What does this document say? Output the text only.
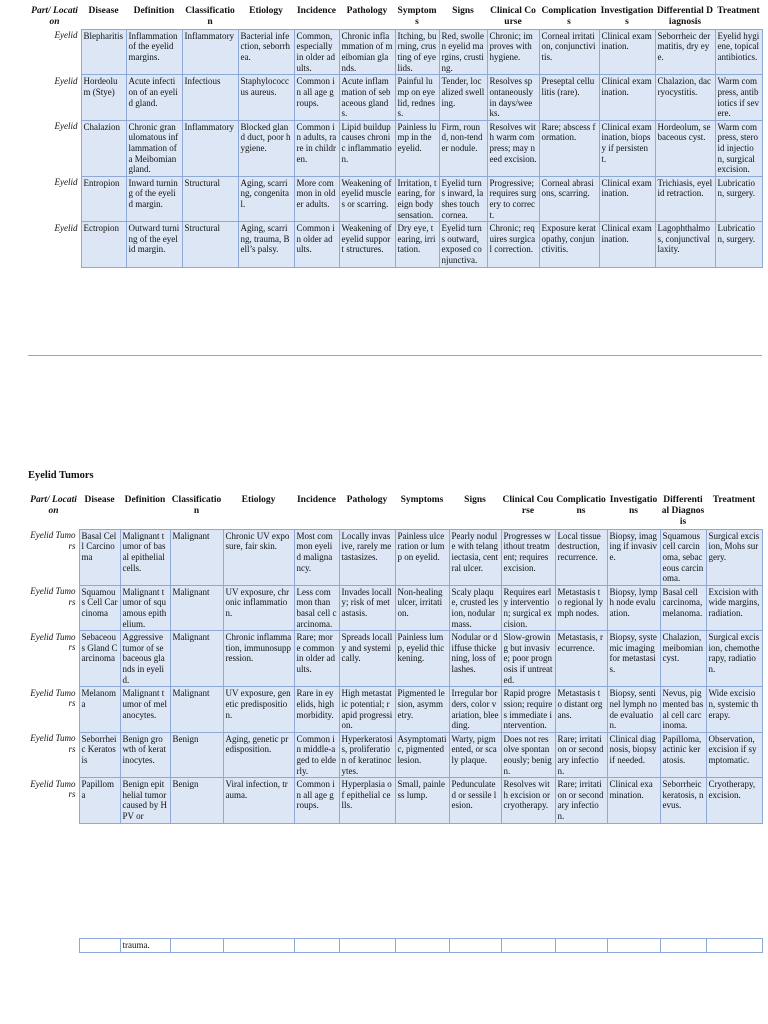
Part/ Location	Disease	Definition	Classification	Etiology	Incidence	Pathology	Symptoms	Signs	Clinical Course	Complications	Investigations	Differential Diagnosis	Treatment
Eyelid	Blepharitis	Inflammation of the eyelid margins.	Inflammatory	Bacterial infection, seborrhea.	Common, especially in older adults.	Chronic inflammation of meibomian glands.	Itching, burning, crusting of eyelids.	Red, swollen eyelid margins, crusting.	Chronic; improves with hygiene.	Corneal irritation, conjunctivitis.	Clinical examination.	Seborrheic dermatitis, dry eye.	Eyelid hygiene, topical antibiotics.
Eyelid	Hordeolum (Stye)	Acute infection of an eyelid gland.	Infectious	Staphylococcus aureus.	Common in all age groups.	Acute inflammation of sebaceous glands.	Painful lump on eyelid, redness.	Tender, localized swelling.	Resolves spontaneously in days/weeks.	Preseptal cellulitis (rare).	Clinical examination.	Chalazion, dacryocystitis.	Warm compress, antibiotics if severe.
Eyelid	Chalazion	Chronic granulomatous inflammation of a Meibomian gland.	Inflammatory	Blocked gland duct, poor hygiene.	Common in adults, rare in children.	Lipid buildup causes chronic inflammation.	Painless lump in the eyelid.	Firm, round, non-tender nodule.	Resolves with warm compress; may need excision.	Rare; abscess formation.	Clinical examination, biopsy if persistent.	Hordeolum, sebaceous cyst.	Warm compress, steroid injection, surgical excision.
Eyelid	Entropion	Inward turning of the eyelid margin.	Structural	Aging, scarring, congenital.	More common in older adults.	Weakening of eyelid muscles or scarring.	Irritation, tearing, foreign body sensation.	Eyelid turns inward, lashes touch cornea.	Progressive; requires surgery to correct.	Corneal abrasions, scarring.	Clinical examination.	Trichiasis, eyelid retraction.	Lubrication, surgery.
Eyelid	Ectropion	Outward turning of the eyelid margin.	Structural	Aging, scarring, trauma, Bell’s palsy.	Common in older adults.	Weakening of eyelid support structures.	Dry eye, tearing, irritation.	Eyelid turns outward, exposed conjunctiva.	Chronic; requires surgical correction.	Exposure keratopathy, conjunctivitis.	Clinical examination.	Lagophthalmos, conjunctival laxity.	Lubrication, surgery.
Eyelid Tumors
Part/ Location	Disease	Definition	Classification	Etiology	Incidence	Pathology	Symptoms	Signs	Clinical Course	Complications	Investigations	Differential Diagnosis	Treatment
Eyelid Tumors	Basal Cell Carcinoma	Malignant tumor of basal epithelial cells.	Malignant	Chronic UV exposure, fair skin.	Most common eyelid malignancy.	Locally invasive, rarely metastasizes.	Painless ulceration or lump on eyelid.	Pearly nodule with telangiectasia, central ulcer.	Progresses without treatment; requires excision.	Local tissue destruction, recurrence.	Biopsy, imaging if invasive.	Squamous cell carcinoma, sebaceous carcinoma.	Surgical excision, Mohs surgery.
Eyelid Tumors	Squamous Cell Carcinoma	Malignant tumor of squamous epithelium.	Malignant	UV exposure, chronic inflammation.	Less common than basal cell carcinoma.	Invades locally; risk of metastasis.	Non-healing ulcer, irritation.	Scaly plaque, crusted lesion, nodular mass.	Requires early intervention; surgical excision.	Metastasis to regional lymph nodes.	Biopsy, lymph node evaluation.	Basal cell carcinoma, melanoma.	Excision with wide margins, radiation.
Eyelid Tumors	Sebaceous Gland Carcinoma	Aggressive tumor of sebaceous glands in eyelid.	Malignant	Chronic inflammation, immunosuppression.	Rare; more common in older adults.	Spreads locally and systemically.	Painless lump, eyelid thickening.	Nodular or diffuse thickening, loss of lashes.	Slow-growing but invasive; poor prognosis if untreated.	Metastasis, recurrence.	Biopsy, systemic imaging for metastasis.	Chalazion, meibomian cyst.	Surgical excision, chemotherapy, radiation.
Eyelid Tumors	Melanoma	Malignant tumor of melanocytes.	Malignant	UV exposure, genetic predisposition.	Rare in eyelids, high morbidity.	High metastatic potential; rapid progression.	Pigmented lesion, asymmetry.	Irregular borders, color variation, bleeding.	Rapid progression; requires immediate intervention.	Metastasis to distant organs.	Biopsy, sentinel lymph node evaluation.	Nevus, pigmented basal cell carcinoma.	Wide excision, systemic therapy.
Eyelid Tumors	Seborrheic Keratosis	Benign growth of keratinocytes.	Benign	Aging, genetic predisposition.	Common in middle-aged to elderly.	Hyperkeratosis, proliferation of keratinocytes.	Asymptomatic, pigmented lesion.	Warty, pigmented, or scaly plaque.	Does not resolve spontaneously; benign.	Rare; irritation or secondary infection.	Clinical diagnosis, biopsy if needed.	Papilloma, actinic keratosis.	Observation, excision if symptomatic.
Eyelid Tumors	Papilloma	Benign epithelial tumor caused by HPV or	Benign	Viral infection, trauma.	Common in all age groups.	Hyperplasia of epithelial cells.	Small, painless lump.	Pedunculated or sessile lesion.	Resolves with excision or cryotherapy.	Rare; irritation or secondary infection.	Clinical examination.	Seborrheic keratosis, nevus.	Cryotherapy, excision.
		trauma.											
